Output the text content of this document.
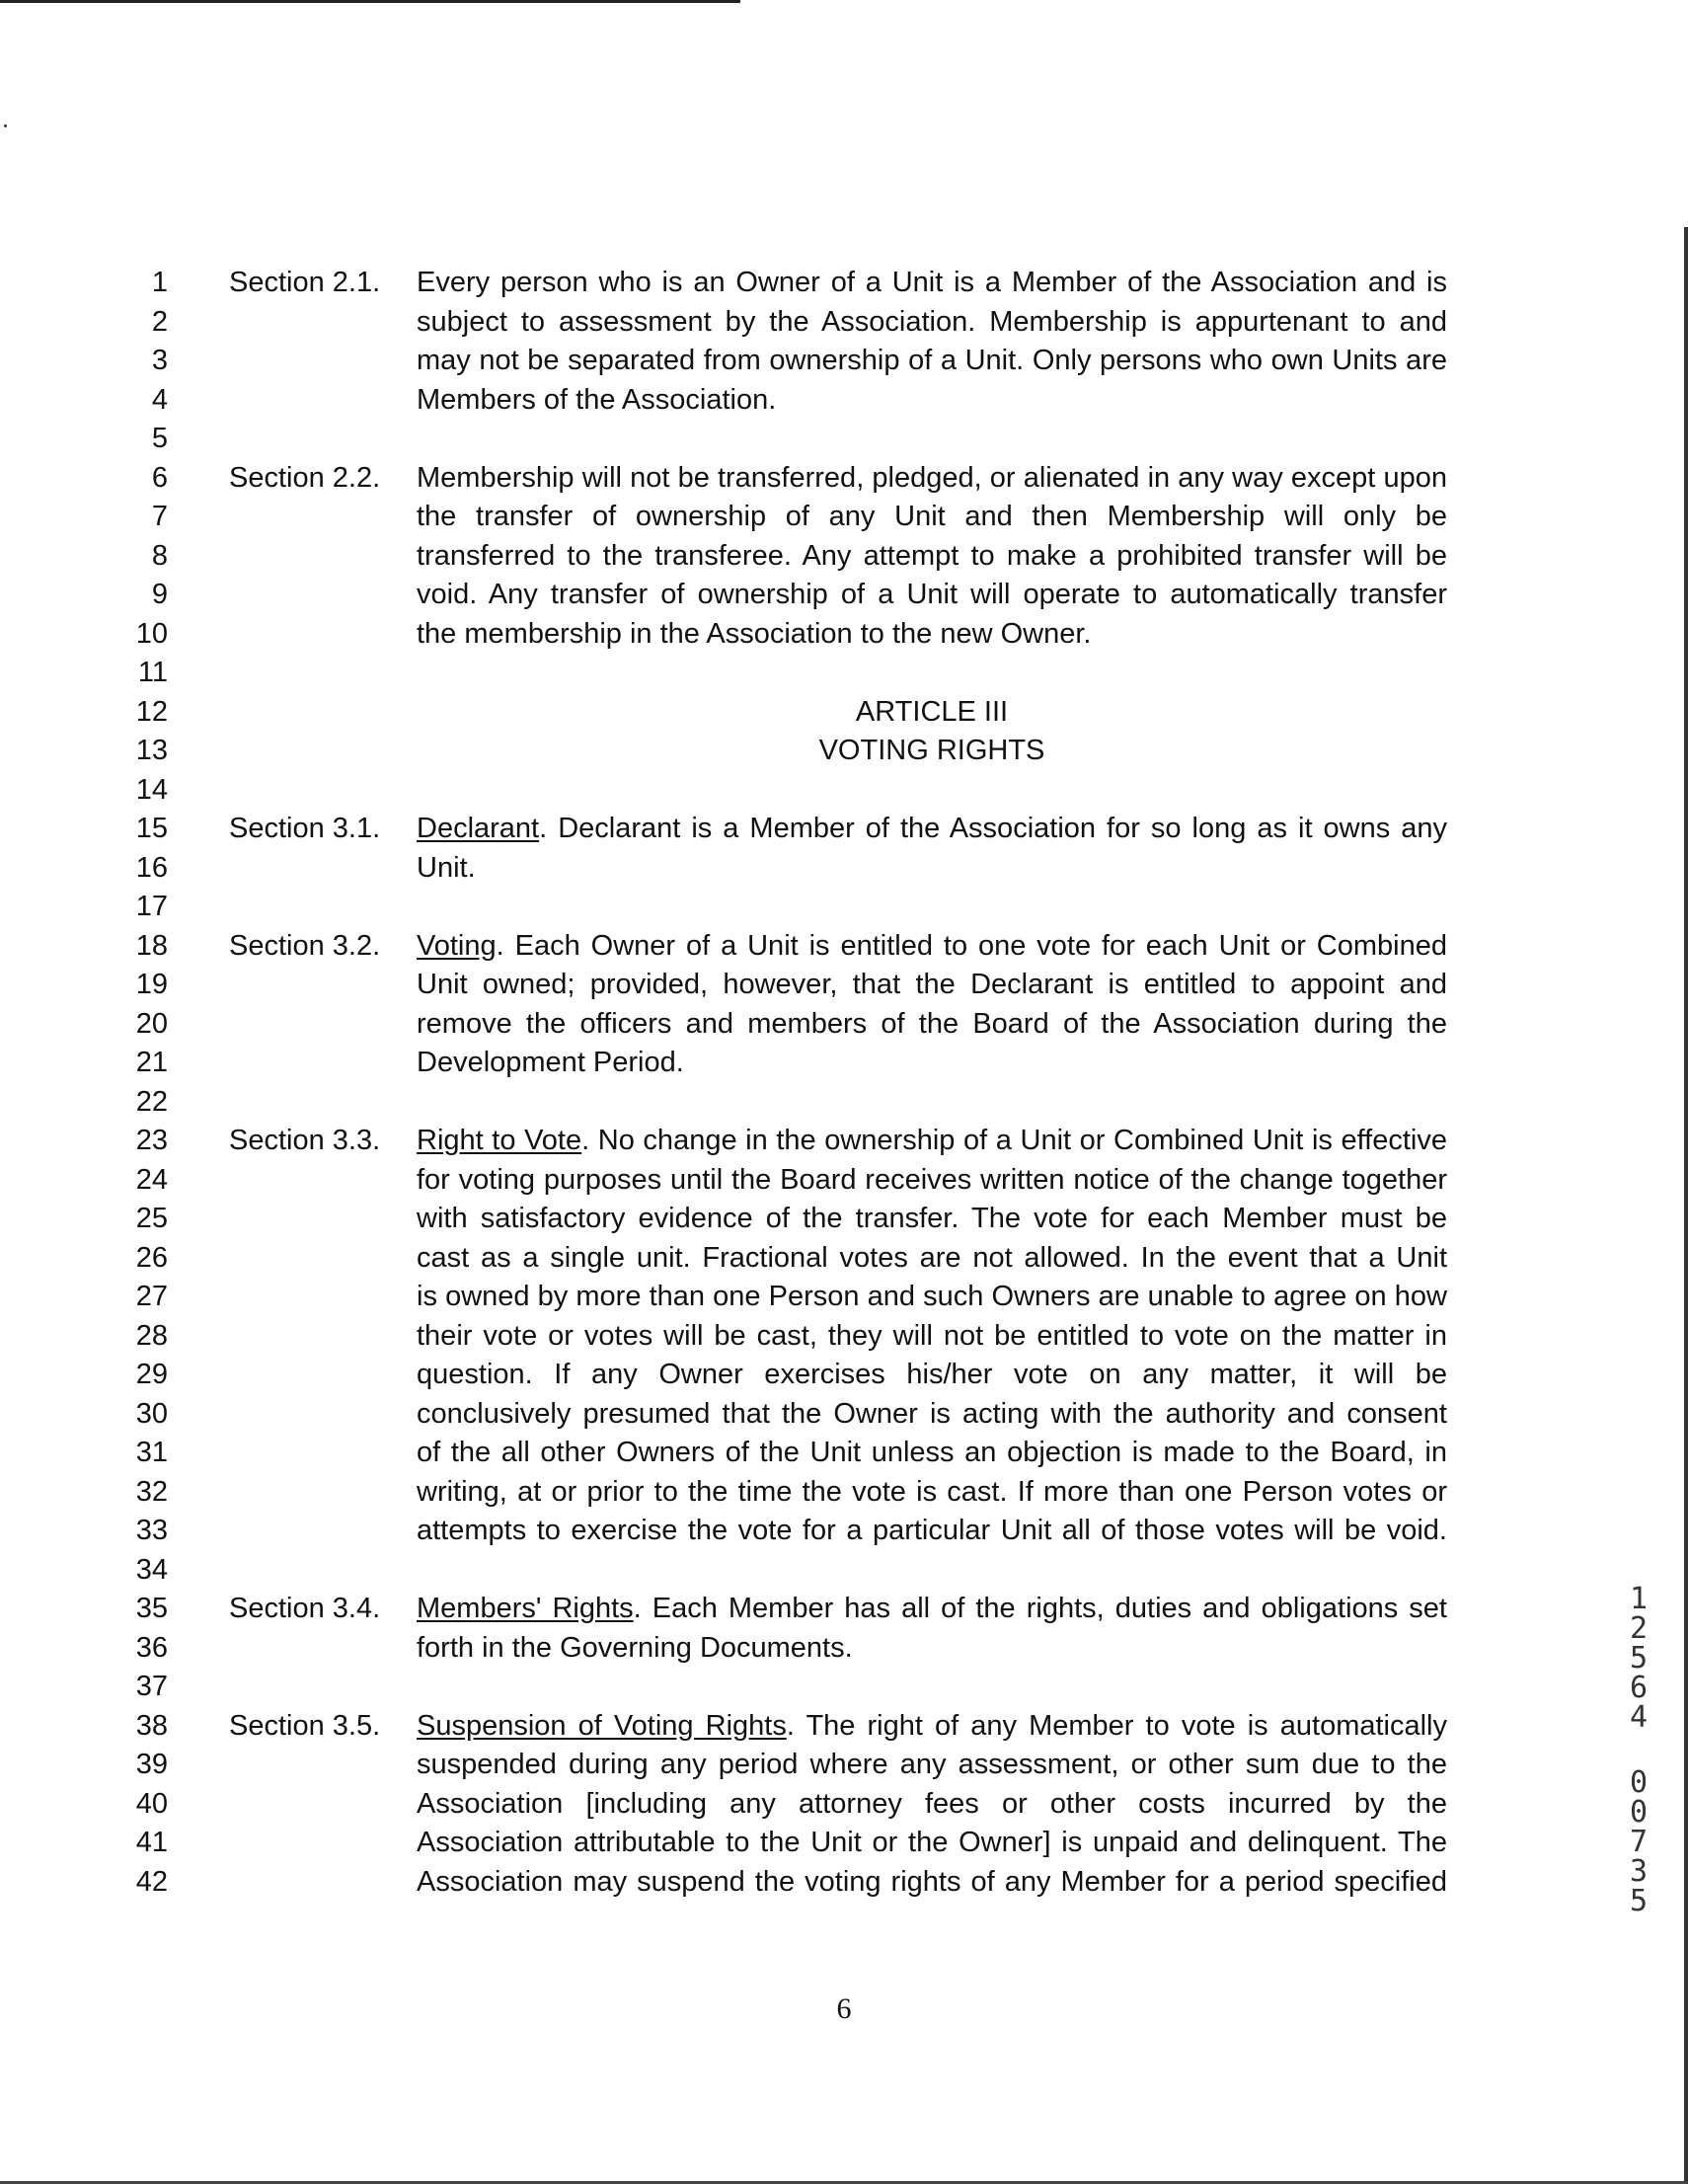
1
2
3
4
5
6
7
8
9
10
11
12
13
14
15
16
17
18
19
20
21
22
23
24
25
26
27
28
29
30
31
32
33
34
35
36
37
38
39
40
41
42
Section 2.1. Every person who is an Owner of a Unit is a Member of the Association and is
subject to assessment by the Association. Membership is appurtenant to and
may not be separated from ownership of a Unit. Only persons who own Units are
Members of the Association.
Section 2.2. Membership will not be transferred, pledged, or alienated in any way except upon
the transfer of ownership of any Unit and then Membership will only be
transferred to the transferee. Any attempt to make a prohibited transfer will be
void. Any transfer of ownership of a Unit will operate to automatically transfer
the membership in the Association to the new Owner.
ARTICLE III
VOTING RIGHTS
Section 3.1. Declarant. Declarant is a Member of the Association for so long as it owns any
Unit.
Section 3.2. Voting. Each Owner of a Unit is entitled to one vote for each Unit or Combined
Unit owned; provided, however, that the Declarant is entitled to appoint and
remove the officers and members of the Board of the Association during the
Development Period.
Section 3.3. Right to Vote. No change in the ownership of a Unit or Combined Unit is effective
for voting purposes until the Board receives written notice of the change together
with satisfactory evidence of the transfer. The vote for each Member must be
cast as a single unit. Fractional votes are not allowed. In the event that a Unit
is owned by more than one Person and such Owners are unable to agree on how
their vote or votes will be cast, they will not be entitled to vote on the matter in
question. If any Owner exercises his/her vote on any matter, it will be
conclusively presumed that the Owner is acting with the authority and consent
of the all other Owners of the Unit unless an objection is made to the Board, in
writing, at or prior to the time the vote is cast. If more than one Person votes or
attempts to exercise the vote for a particular Unit all of those votes will be void.
Section 3.4. Members' Rights. Each Member has all of the rights, duties and obligations set
forth in the Governing Documents.
Section 3.5. Suspension of Voting Rights. The right of any Member to vote is automatically
suspended during any period where any assessment, or other sum due to the
Association [including any attorney fees or other costs incurred by the
Association attributable to the Unit or the Owner] is unpaid and delinquent. The
Association may suspend the voting rights of any Member for a period specified
6
1
2
5
6
4
0
0
7
3
5
